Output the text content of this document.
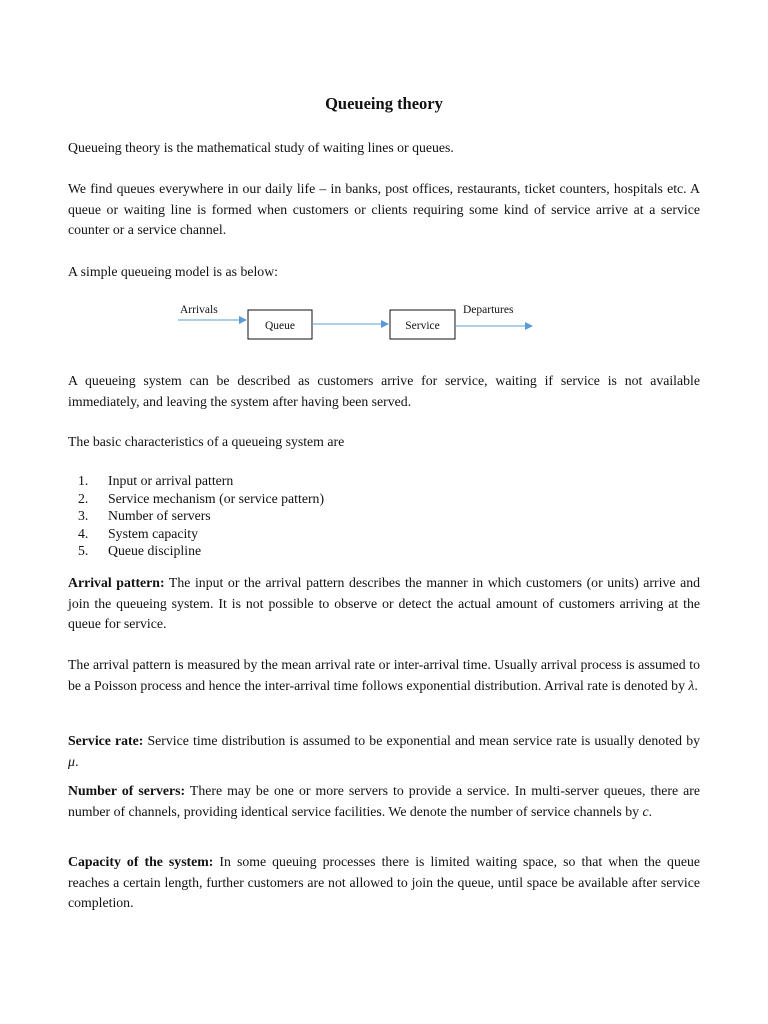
Queueing theory

Queueing theory is the mathematical study of waiting lines or queues.

We find queues everywhere in our daily life – in banks, post offices, restaurants, ticket counters, hospitals etc. A queue or waiting line is formed when customers or clients requiring some kind of service arrive at a service counter or a service channel.

A simple queueing model is as below:

Arrivals
Queue	Service
Departures

A queueing system can be described as customers arrive for service, waiting if service is not available immediately, and leaving the system after having been served.

The basic characteristics of a queueing system are

1. Input or arrival pattern
2. Service mechanism (or service pattern)
3. Number of servers
4. System capacity
5. Queue discipline

Arrival pattern: The input or the arrival pattern describes the manner in which customers (or units) arrive and join the queueing system. It is not possible to observe or detect the actual amount of customers arriving at the queue for service.

The arrival pattern is measured by the mean arrival rate or inter-arrival time. Usually arrival process is assumed to be a Poisson process and hence the inter-arrival time follows exponential distribution. Arrival rate is denoted by λ.

Service rate: Service time distribution is assumed to be exponential and mean service rate is usually denoted by μ.

Number of servers: There may be one or more servers to provide a service. In multi-server queues, there are number of channels, providing identical service facilities. We denote the number of service channels by c.

Capacity of the system: In some queuing processes there is limited waiting space, so that when the queue reaches a certain length, further customers are not allowed to join the queue, until space be available after service completion.
